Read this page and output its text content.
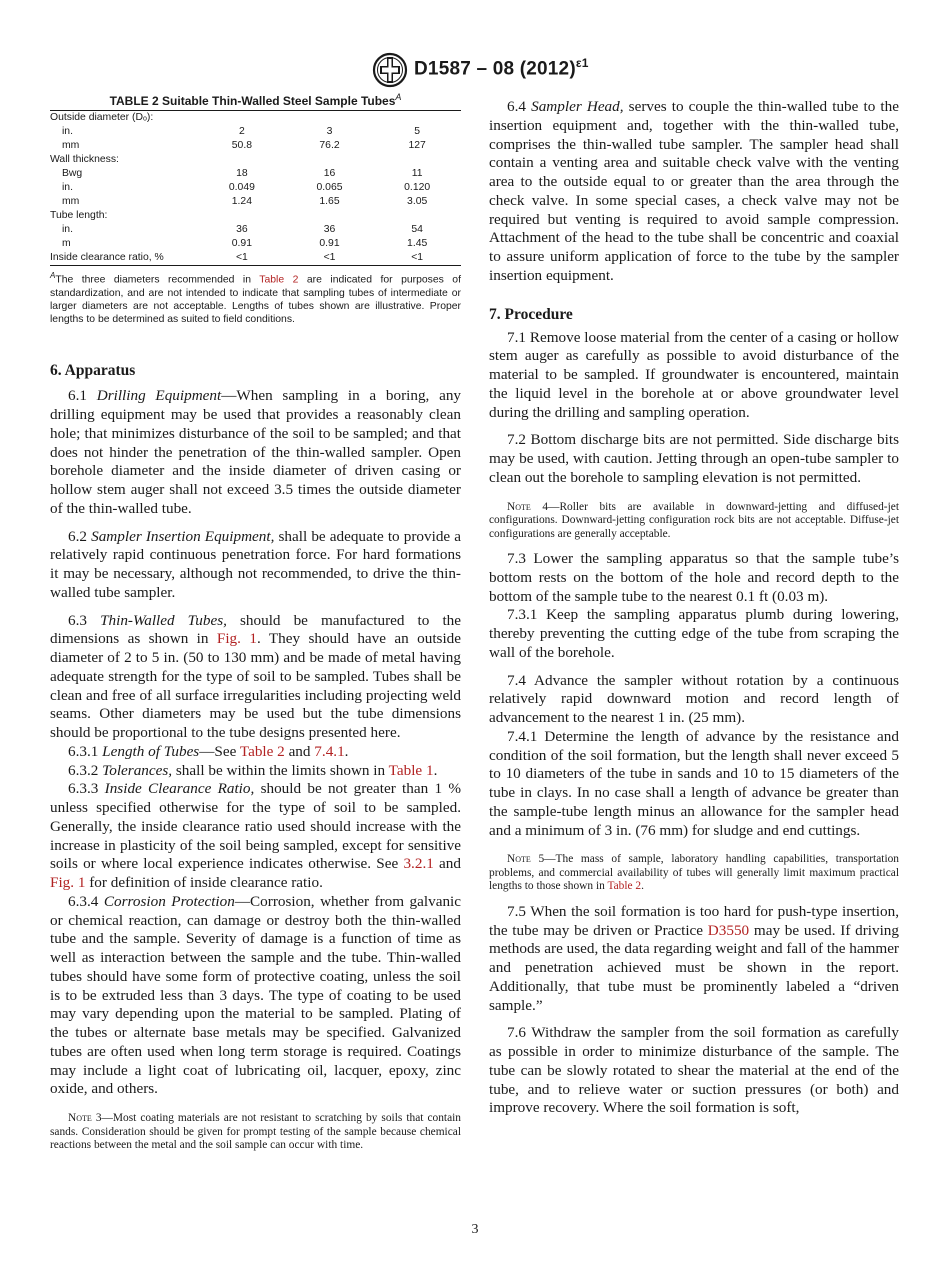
D1587 – 08 $(2012)^{\varepsilon 1}$
TABLE 2 Suitable Thin-Walled Steel Sample Tubes$^A$
Outside diameter (Dₒ):			
in.	2	3	5
mm	50.8	76.2	127
Wall thickness:			
Bwg	18	16	11
in.	0.049	0.065	0.120
mm	1.24	1.65	3.05
Tube length:			
in.	36	36	54
m	0.91	0.91	1.45
Inside clearance ratio, %	<1	<1	<1
$^A$The three diameters recommended in Table 2 are indicated for purposes of standardization, and are not intended to indicate that sampling tubes of intermediate or larger diameters are not acceptable. Lengths of tubes shown are illustrative. Proper lengths to be determined as suited to field conditions.
6. Apparatus

6.1 Drilling Equipment—When sampling in a boring, any drilling equipment may be used that provides a reasonably clean hole; that minimizes disturbance of the soil to be sampled; and that does not hinder the penetration of the thin-walled sampler. Open borehole diameter and the inside diameter of driven casing or hollow stem auger shall not exceed 3.5 times the outside diameter of the thin-walled tube.

6.2 Sampler Insertion Equipment, shall be adequate to provide a relatively rapid continuous penetration force. For hard formations it may be necessary, although not recommended, to drive the thin-walled tube sampler.

6.3 Thin-Walled Tubes, should be manufactured to the dimensions as shown in Fig. 1. They should have an outside diameter of 2 to 5 in. (50 to 130 mm) and be made of metal having adequate strength for the type of soil to be sampled. Tubes shall be clean and free of all surface irregularities including projecting weld seams. Other diameters may be used but the tube dimensions should be proportional to the tube designs presented here.

6.3.1 Length of Tubes—See Table 2 and 7.4.1.

6.3.2 Tolerances, shall be within the limits shown in Table 1.

6.3.3 Inside Clearance Ratio, should be not greater than 1 % unless specified otherwise for the type of soil to be sampled. Generally, the inside clearance ratio used should increase with the increase in plasticity of the soil being sampled, except for sensitive soils or where local experience indicates otherwise. See 3.2.1 and Fig. 1 for definition of inside clearance ratio.

6.3.4 Corrosion Protection—Corrosion, whether from galvanic or chemical reaction, can damage or destroy both the thin-walled tube and the sample. Severity of damage is a function of time as well as interaction between the sample and the tube. Thin-walled tubes should have some form of protective coating, unless the soil is to be extruded less than 3 days. The type of coating to be used may vary depending upon the material to be sampled. Plating of the tubes or alternate base metals may be specified. Galvanized tubes are often used when long term storage is required. Coatings may include a light coat of lubricating oil, lacquer, epoxy, zinc oxide, and others.

Note 3—Most coating materials are not resistant to scratching by soils that contain sands. Consideration should be given for prompt testing of the sample because chemical reactions between the metal and the soil sample can occur with time.

6.4 Sampler Head, serves to couple the thin-walled tube to the insertion equipment and, together with the thin-walled tube, comprises the thin-walled tube sampler. The sampler head shall contain a venting area and suitable check valve with the venting area to the outside equal to or greater than the area through the check valve. In some special cases, a check valve may not be required but venting is required to avoid sample compression. Attachment of the head to the tube shall be concentric and coaxial to assure uniform application of force to the tube by the sampler insertion equipment.

7. Procedure

7.1 Remove loose material from the center of a casing or hollow stem auger as carefully as possible to avoid disturbance of the material to be sampled. If groundwater is encountered, maintain the liquid level in the borehole at or above groundwater level during the drilling and sampling operation.

7.2 Bottom discharge bits are not permitted. Side discharge bits may be used, with caution. Jetting through an open-tube sampler to clean out the borehole to sampling elevation is not permitted.

Note 4—Roller bits are available in downward-jetting and diffused-jet configurations. Downward-jetting configuration rock bits are not acceptable. Diffuse-jet configurations are generally acceptable.

7.3 Lower the sampling apparatus so that the sample tube’s bottom rests on the bottom of the hole and record depth to the bottom of the sample tube to the nearest 0.1 ft (0.03 m).

7.3.1 Keep the sampling apparatus plumb during lowering, thereby preventing the cutting edge of the tube from scraping the wall of the borehole.

7.4 Advance the sampler without rotation by a continuous relatively rapid downward motion and record length of advancement to the nearest 1 in. (25 mm).

7.4.1 Determine the length of advance by the resistance and condition of the soil formation, but the length shall never exceed 5 to 10 diameters of the tube in sands and 10 to 15 diameters of the tube in clays. In no case shall a length of advance be greater than the sample-tube length minus an allowance for the sampler head and a minimum of 3 in. (76 mm) for sludge and end cuttings.

Note 5—The mass of sample, laboratory handling capabilities, transportation problems, and commercial availability of tubes will generally limit maximum practical lengths to those shown in Table 2.

7.5 When the soil formation is too hard for push-type insertion, the tube may be driven or Practice D3550 may be used. If driving methods are used, the data regarding weight and fall of the hammer and penetration achieved must be shown in the report. Additionally, that tube must be prominently labeled a “driven sample.”

7.6 Withdraw the sampler from the soil formation as carefully as possible in order to minimize disturbance of the sample. The tube can be slowly rotated to shear the material at the end of the tube, and to relieve water or suction pressures (or both) and improve recovery. Where the soil formation is soft,

3
